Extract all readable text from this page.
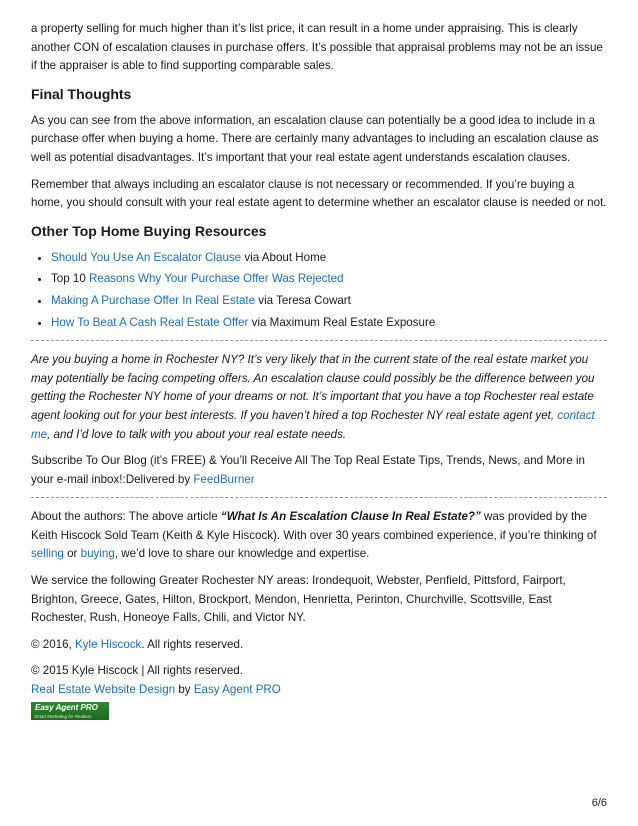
a property selling for much higher than it’s list price, it can result in a home under appraising. This is clearly another CON of escalation clauses in purchase offers. It’s possible that appraisal problems may not be an issue if the appraiser is able to find supporting comparable sales.

Final Thoughts

As you can see from the above information, an escalation clause can potentially be a good idea to include in a purchase offer when buying a home. There are certainly many advantages to including an escalation clause as well as potential disadvantages. It’s important that your real estate agent understands escalation clauses.

Remember that always including an escalator clause is not necessary or recommended. If you’re buying a home, you should consult with your real estate agent to determine whether an escalator clause is needed or not.

Other Top Home Buying Resources
• Should You Use An Escalator Clause via About Home
• Top 10 Reasons Why Your Purchase Offer Was Rejected
• Making A Purchase Offer In Real Estate via Teresa Cowart
• How To Beat A Cash Real Estate Offer via Maximum Real Estate Exposure

Are you buying a home in Rochester NY? It’s very likely that in the current state of the real estate market you may potentially be facing competing offers. An escalation clause could possibly be the difference between you getting the Rochester NY home of your dreams or not. It’s important that you have a top Rochester real estate agent looking out for your best interests. If you haven’t hired a top Rochester NY real estate agent yet, contact me, and I’d love to talk with you about your real estate needs.

Subscribe To Our Blog (it’s FREE) & You’ll Receive All The Top Real Estate Tips, Trends, News, and More in your e-mail inbox!:Delivered by FeedBurner

About the authors: The above article “What Is An Escalation Clause In Real Estate?” was provided by the Keith Hiscock Sold Team (Keith & Kyle Hiscock). With over 30 years combined experience, if you’re thinking of selling or buying, we’d love to share our knowledge and expertise.

We service the following Greater Rochester NY areas: Irondequoit, Webster, Penfield, Pittsford, Fairport, Brighton, Greece, Gates, Hilton, Brockport, Mendon, Henrietta, Perinton, Churchville, Scottsville, East Rochester, Rush, Honeoye Falls, Chili, and Victor NY.

© 2016, Kyle Hiscock. All rights reserved.

© 2015 Kyle Hiscock | All rights reserved.
Real Estate Website Design by Easy Agent PRO
Easy Agent PRO
Smart Marketing for Realtors
6/6
